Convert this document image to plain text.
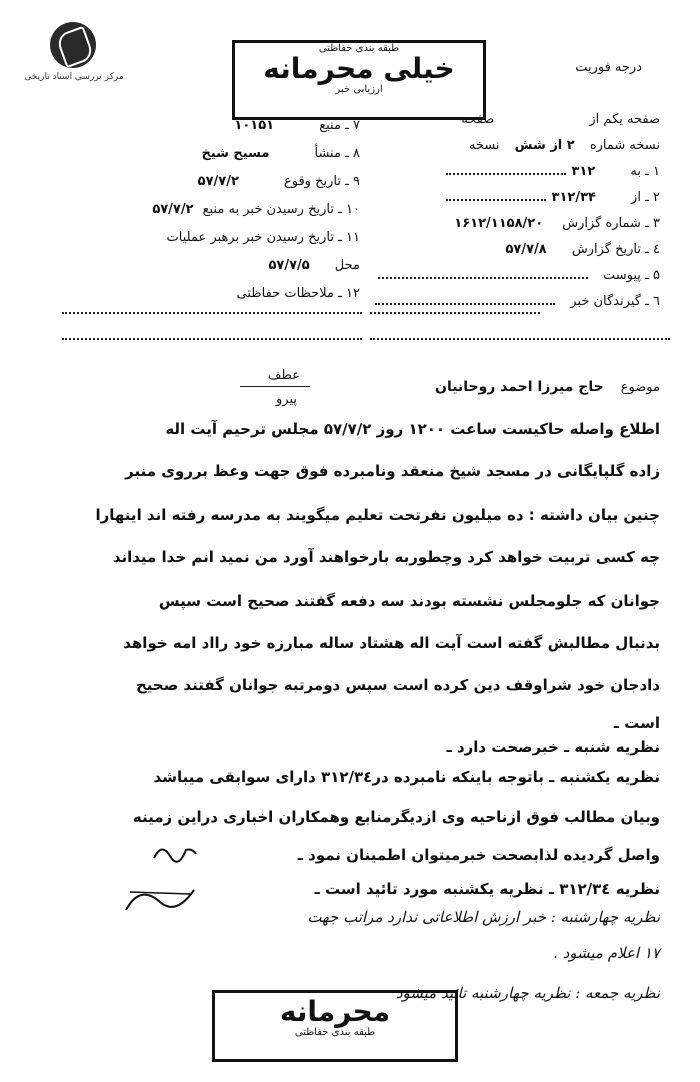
مرکز بررسی اسناد تاریخی
درجه فوریت
طبقه بندی حفاظتی
خیلی محرمانه
ارزیابی خبر
صفحه یکم از صفحه
نسخه شماره ۲ از شش نسخه
۱ ـ به ۳۱۲
۲ ـ از ۳۱۲/۳۴
۳ ـ شماره گزارش ۱۶۱۲/۱۱۵۸/۲۰
٤ ـ تاریخ گزارش ۵۷/۷/۸
۵ ـ پیوست
٦ ـ گیرندگان خبر
۷ ـ منبع ۱۰۱۵۱
۸ ـ منشأ مسیح شیخ
۹ ـ تاریخ وقوع ۵۷/۷/۲
۱۰ ـ تاریخ رسیدن خبر به منبع ۵۷/۷/۲
۱۱ ـ تاریخ رسیدن خبر برهبر عملیات
محل ۵۷/۷/۵
۱۲ ـ ملاحظات حفاظتی
عطف
پیرو
موضوع حاج میرزا احمد روحانیان
اطلاع واصله حاکیست ساعت ۱۲۰۰ روز ۵۷/۷/۲ مجلس ترحیم آیت اله
زاده گلپایگانی در مسجد شیخ منعقد ونامبرده فوق جهت وعظ برروی منبر
چنین بیان داشته : ده میلیون نفرتحت تعلیم میگویند به مدرسه رفته اند اینهارا
چه کسی تربیت خواهد کرد وچطوربه بارخواهند آورد من نمید انم خدا میداند
جوانان که جلومجلس نشسته بودند سه دفعه گفتند صحیح است سپس
بدنبال مطالبش گفته است آیت اله هشتاد ساله مبارزه خود رااد امه خواهد
دادجان خود شراوقف دین کرده است سپس دومرتبه جوانان گفتند صحیح
است ـ
نظریه شنبه ـ خبرصحت دارد ـ
نظریه یکشنبه ـ باتوجه باینکه نامبرده در۳۱۲/۳٤ دارای سوابقی میباشد
وبیان مطالب فوق ازناحیه وی ازدیگرمنابع وهمکاران اخباری دراین زمینه
واصل گردیده لذابصحت خبرمیتوان اطمینان نمود ـ
نظریه ۳۱۲/۳٤ ـ نظریه یکشنبه مورد تائید است ـ
نظریه چهارشنبه : خبر ارزش اطلاعاتی ندارد مراتب جهت
۱۷ اعلام میشود .
نظریه جمعه : نظریه چهارشنبه تائید میشود
محرمانه
طبقه بندی حفاظتی
